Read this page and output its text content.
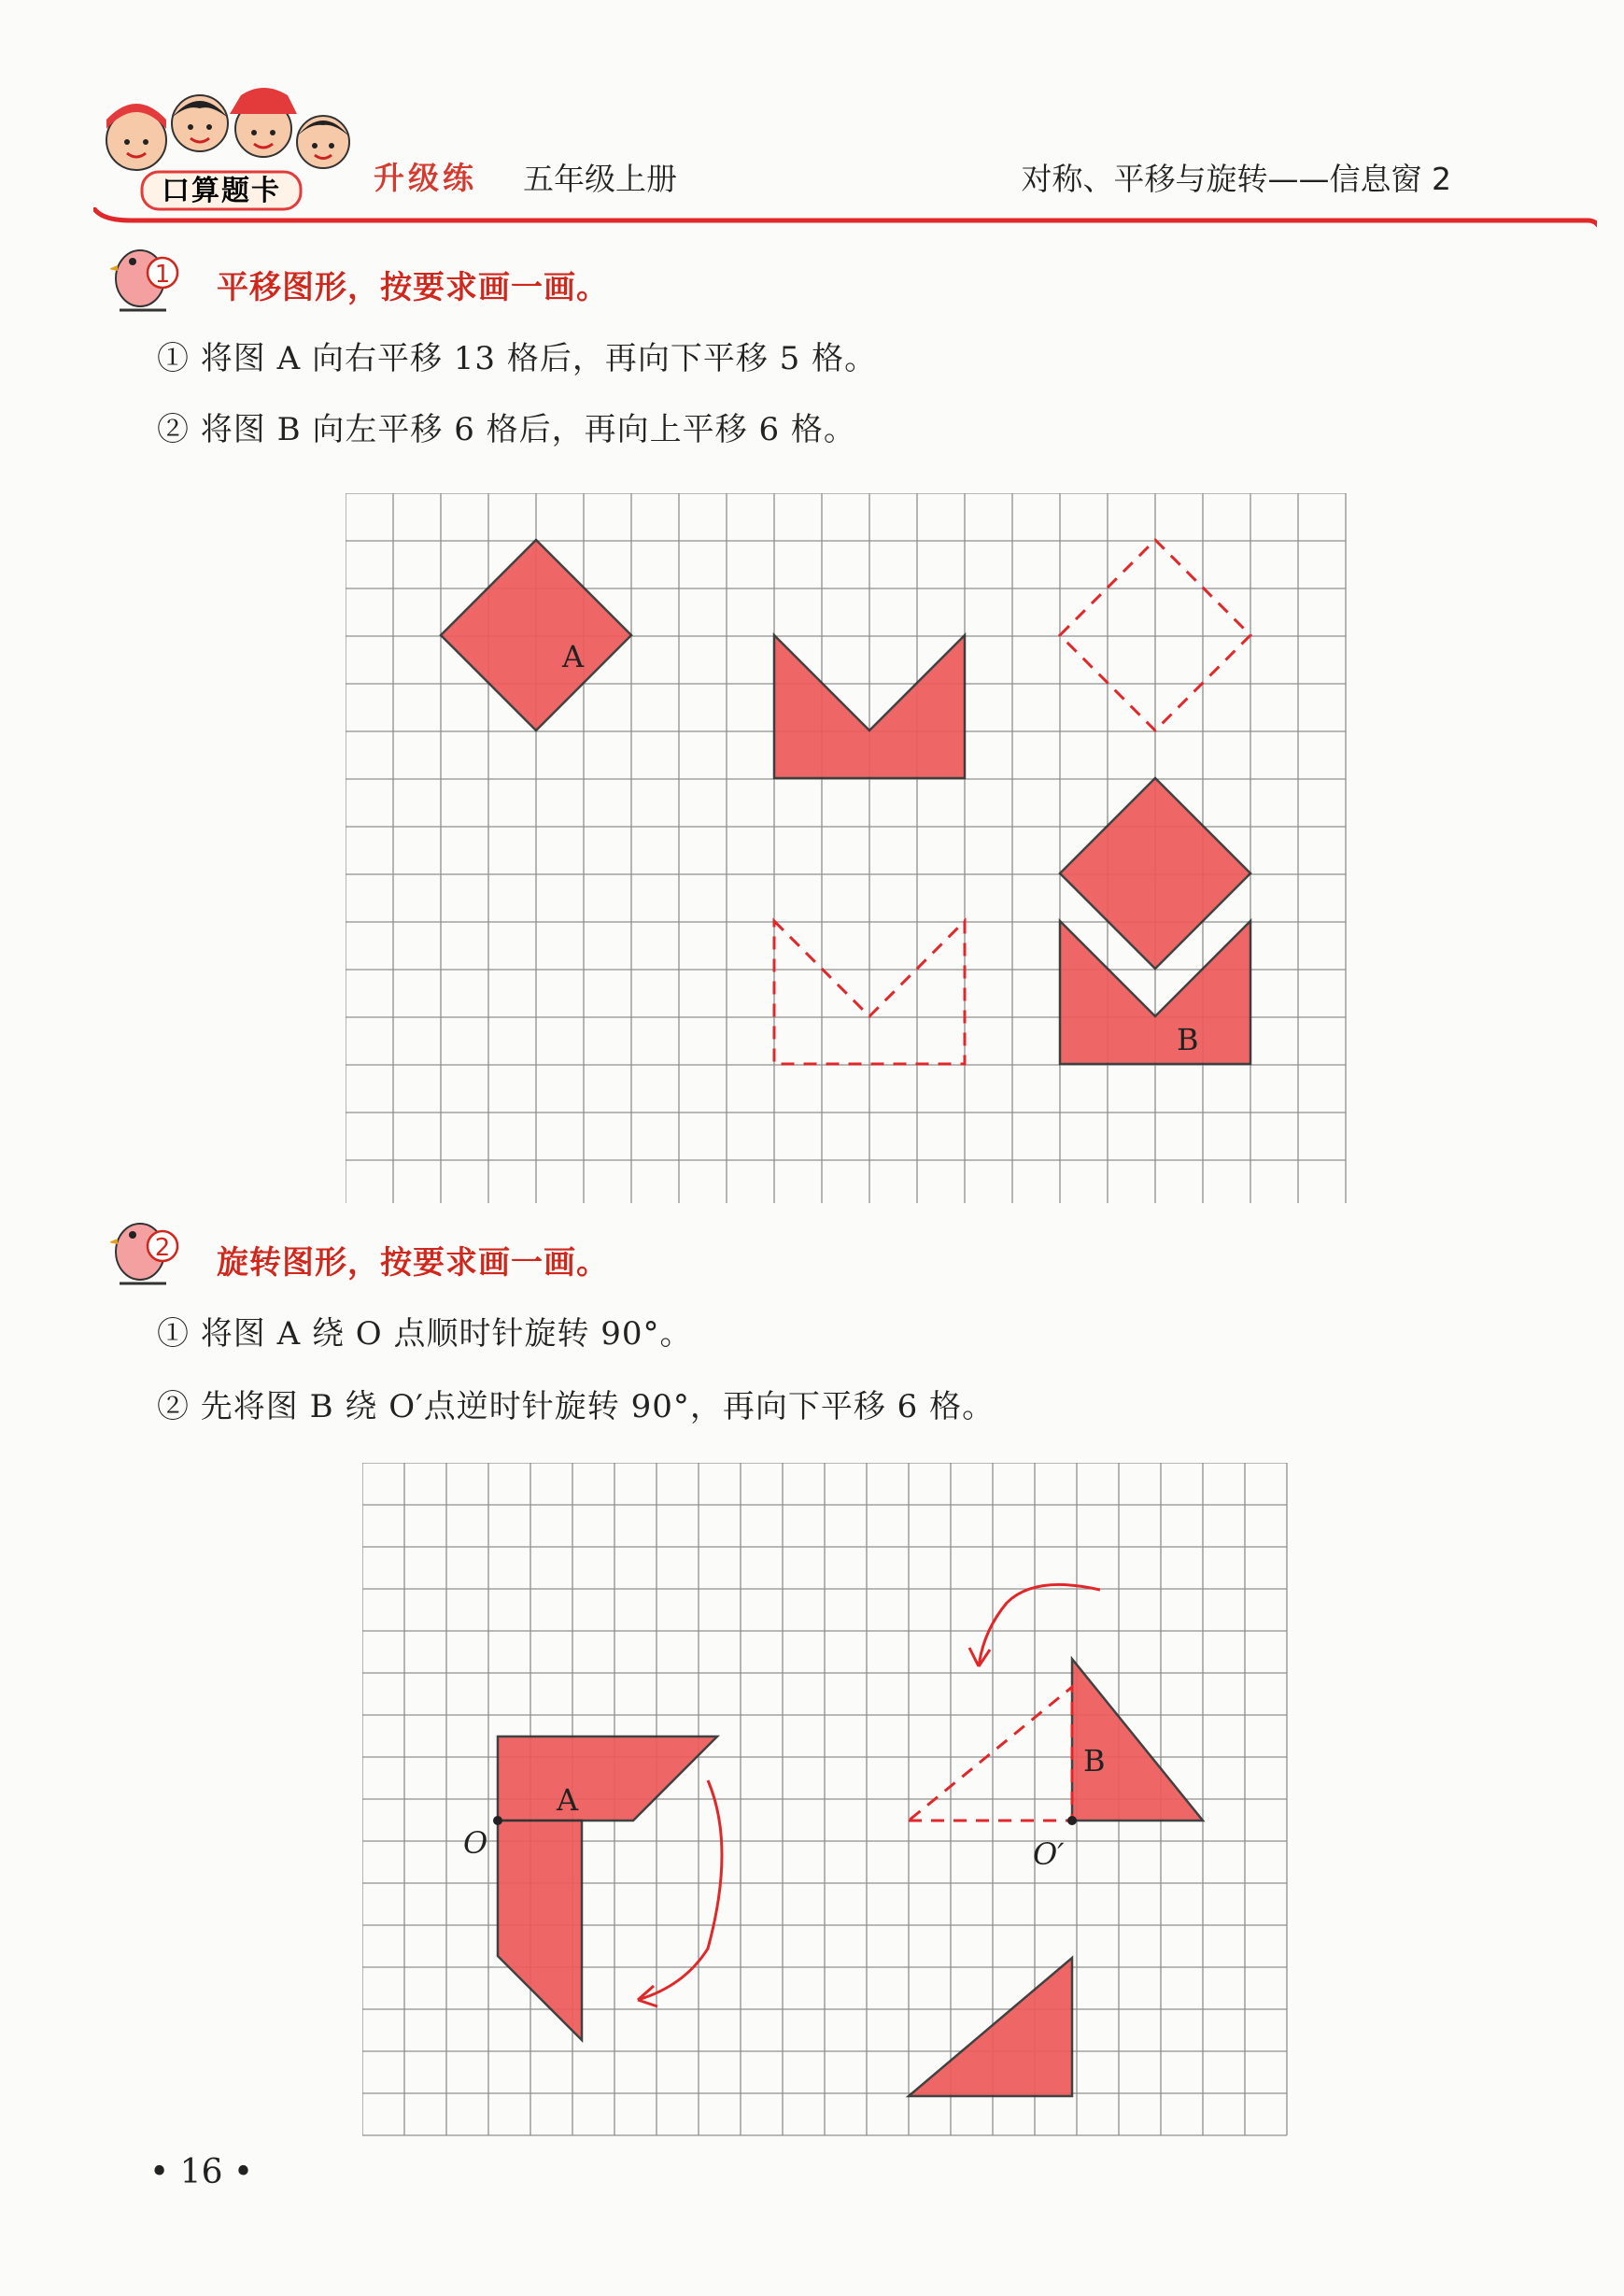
口算题卡	升级练 五年级上册	对称、平移与旋转——信息窗 2
1 平移图形，按要求画一画。
① 将图 A 向右平移 13 格后，再向下平移 5 格。
② 将图 B 向左平移 6 格后，再向上平移 6 格。
A
B
2 旋转图形，按要求画一画。
① 将图 A 绕 O 点顺时针旋转 90°。
② 先将图 B 绕 O′点逆时针旋转 90°，再向下平移 6 格。
A
O
B
O′
• 16 •
